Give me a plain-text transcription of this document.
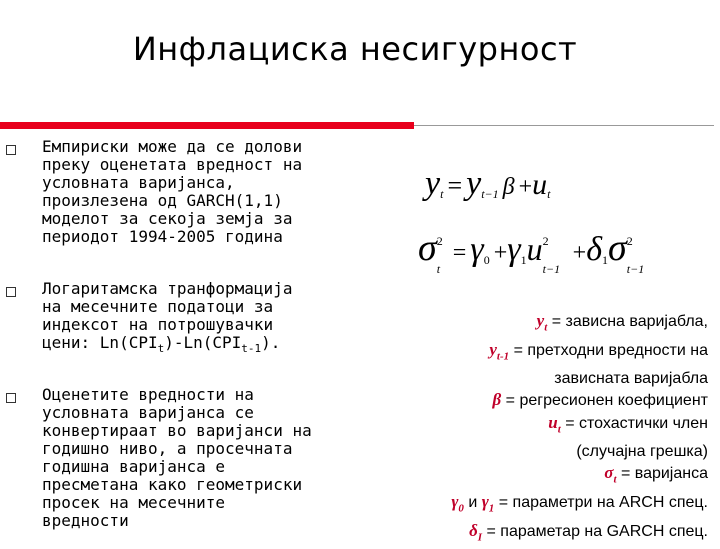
Инфлациска несигурност
Емпириски може да се долови
преку оценетата вредност на
условната варијанса,
произлезена од GARCH(1,1)
моделот за секоја земја за
периодот 1994-2005 година
Логаритамска транформација
на месечните податоци за
индексот на потрошувачки
цени: $Ln(CPI_t)-Ln(CPI_{t-1})$.
Оценетите вредности на
условната варијанса се
конвертираат во варијанси на
годишно ниво, а просечната
годишна варијанса е
пресметана како геометриски
просек на месечните
вредности
$y_t = y_{t-1}$ $\beta +u_t$
σ 2
t
= $\gamma_0 +\gamma_1u$ 2
t−1
$+\delta_1\sigma$ 2
t−1
$y_t$ = зависна варијабла,
$y_{t-1}$ = претходни вредности на
зависната варијабла
β = регресионен коефициент
$u_t$ = стохастички член
(случајна грешка)
$\sigma_t$ = варијанса
$\gamma_0$ и $\gamma_1$ = параметри на ARCH спец.
$\delta_I$ = параметар на GARCH спец.
